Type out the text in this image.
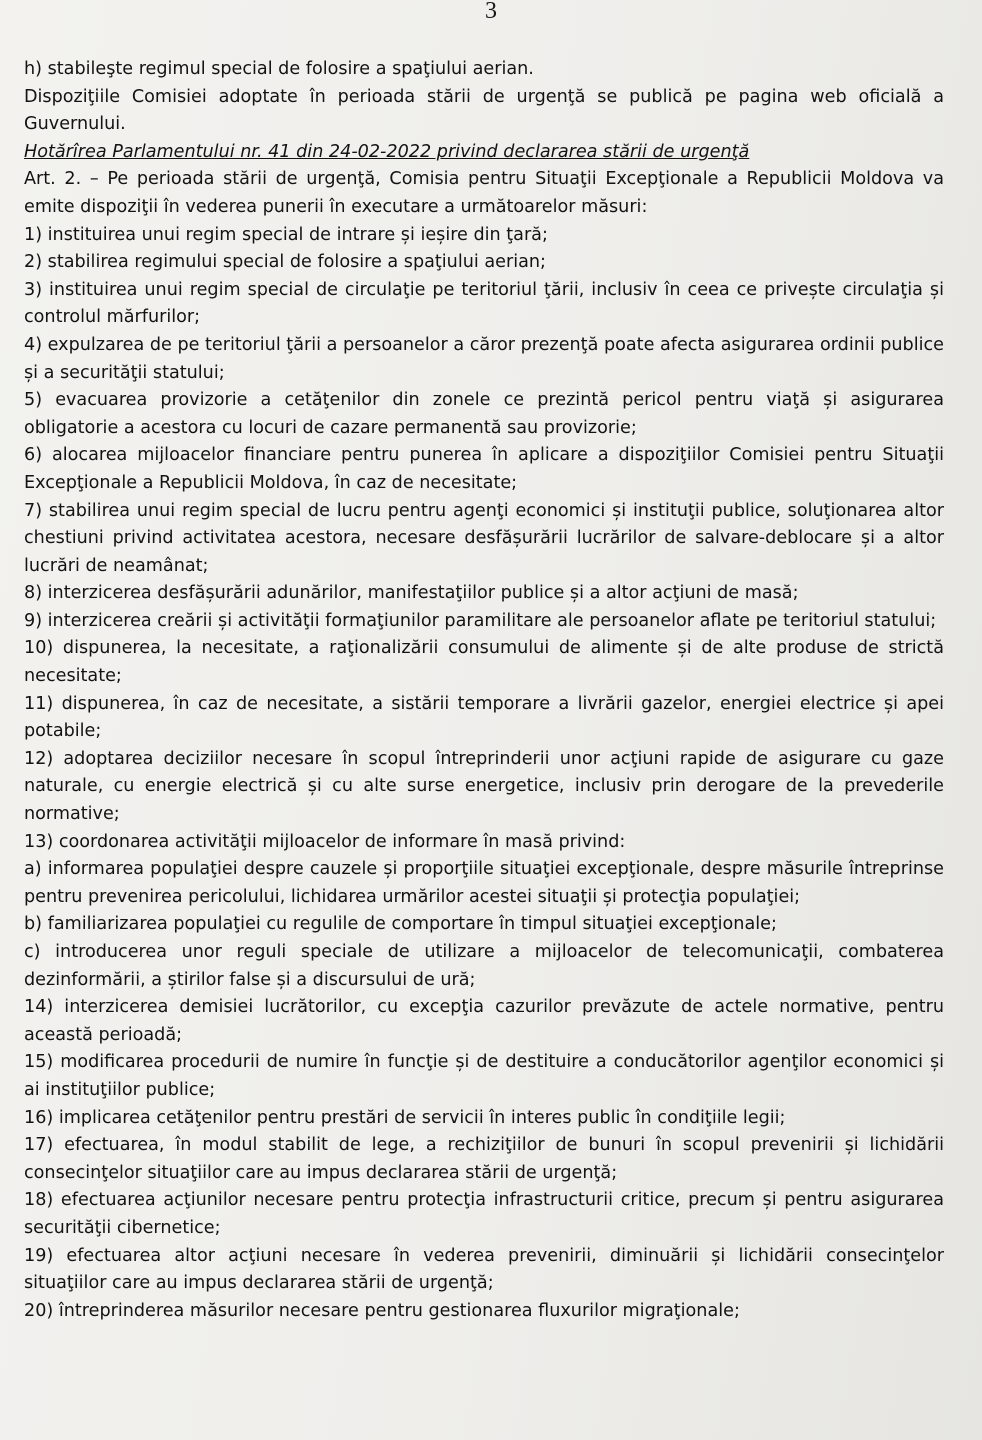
3

h) stabileşte regimul special de folosire a spaţiului aerian.

Dispoziţiile Comisiei adoptate în perioada stării de urgenţă se publică pe pagina web oficială a Guvernului.

Hotărîrea Parlamentului nr. 41 din 24-02-2022 privind declararea stării de urgenţă

Art. 2. – Pe perioada stării de urgenţă, Comisia pentru Situaţii Excepţionale a Republicii Moldova va emite dispoziţii în vederea punerii în executare a următoarelor măsuri:

1) instituirea unui regim special de intrare și ieșire din ţară;

2) stabilirea regimului special de folosire a spaţiului aerian;

3) instituirea unui regim special de circulaţie pe teritoriul ţării, inclusiv în ceea ce privește circulaţia și controlul mărfurilor;

4) expulzarea de pe teritoriul ţării a persoanelor a căror prezenţă poate afecta asigurarea ordinii publice și a securităţii statului;

5) evacuarea provizorie a cetăţenilor din zonele ce prezintă pericol pentru viaţă și asigurarea obligatorie a acestora cu locuri de cazare permanentă sau provizorie;

6) alocarea mijloacelor financiare pentru punerea în aplicare a dispoziţiilor Comisiei pentru Situaţii Excepţionale a Republicii Moldova, în caz de necesitate;

7) stabilirea unui regim special de lucru pentru agenţi economici și instituţii publice, soluţionarea altor chestiuni privind activitatea acestora, necesare desfășurării lucrărilor de salvare-deblocare și a altor lucrări de neamânat;

8) interzicerea desfășurării adunărilor, manifestaţiilor publice și a altor acţiuni de masă;

9) interzicerea creării și activităţii formaţiunilor paramilitare ale persoanelor aflate pe teritoriul statului;

10) dispunerea, la necesitate, a raţionalizării consumului de alimente și de alte produse de strictă necesitate;

11) dispunerea, în caz de necesitate, a sistării temporare a livrării gazelor, energiei electrice și apei potabile;

12) adoptarea deciziilor necesare în scopul întreprinderii unor acţiuni rapide de asigurare cu gaze naturale, cu energie electrică și cu alte surse energetice, inclusiv prin derogare de la prevederile normative;

13) coordonarea activităţii mijloacelor de informare în masă privind:

a) informarea populaţiei despre cauzele și proporţiile situaţiei excepţionale, despre măsurile întreprinse pentru prevenirea pericolului, lichidarea urmărilor acestei situaţii și protecţia populaţiei;

b) familiarizarea populaţiei cu regulile de comportare în timpul situaţiei excepţionale;

c) introducerea unor reguli speciale de utilizare a mijloacelor de telecomunicaţii, combaterea dezinformării, a știrilor false și a discursului de ură;

14) interzicerea demisiei lucrătorilor, cu excepţia cazurilor prevăzute de actele normative, pentru această perioadă;

15) modificarea procedurii de numire în funcţie și de destituire a conducătorilor agenţilor economici și ai instituţiilor publice;

16) implicarea cetăţenilor pentru prestări de servicii în interes public în condiţiile legii;

17) efectuarea, în modul stabilit de lege, a rechiziţiilor de bunuri în scopul prevenirii și lichidării consecinţelor situaţiilor care au impus declararea stării de urgenţă;

18) efectuarea acţiunilor necesare pentru protecţia infrastructurii critice, precum și pentru asigurarea securităţii cibernetice;

19) efectuarea altor acţiuni necesare în vederea prevenirii, diminuării și lichidării consecinţelor situaţiilor care au impus declararea stării de urgenţă;

20) întreprinderea măsurilor necesare pentru gestionarea fluxurilor migraţionale;
